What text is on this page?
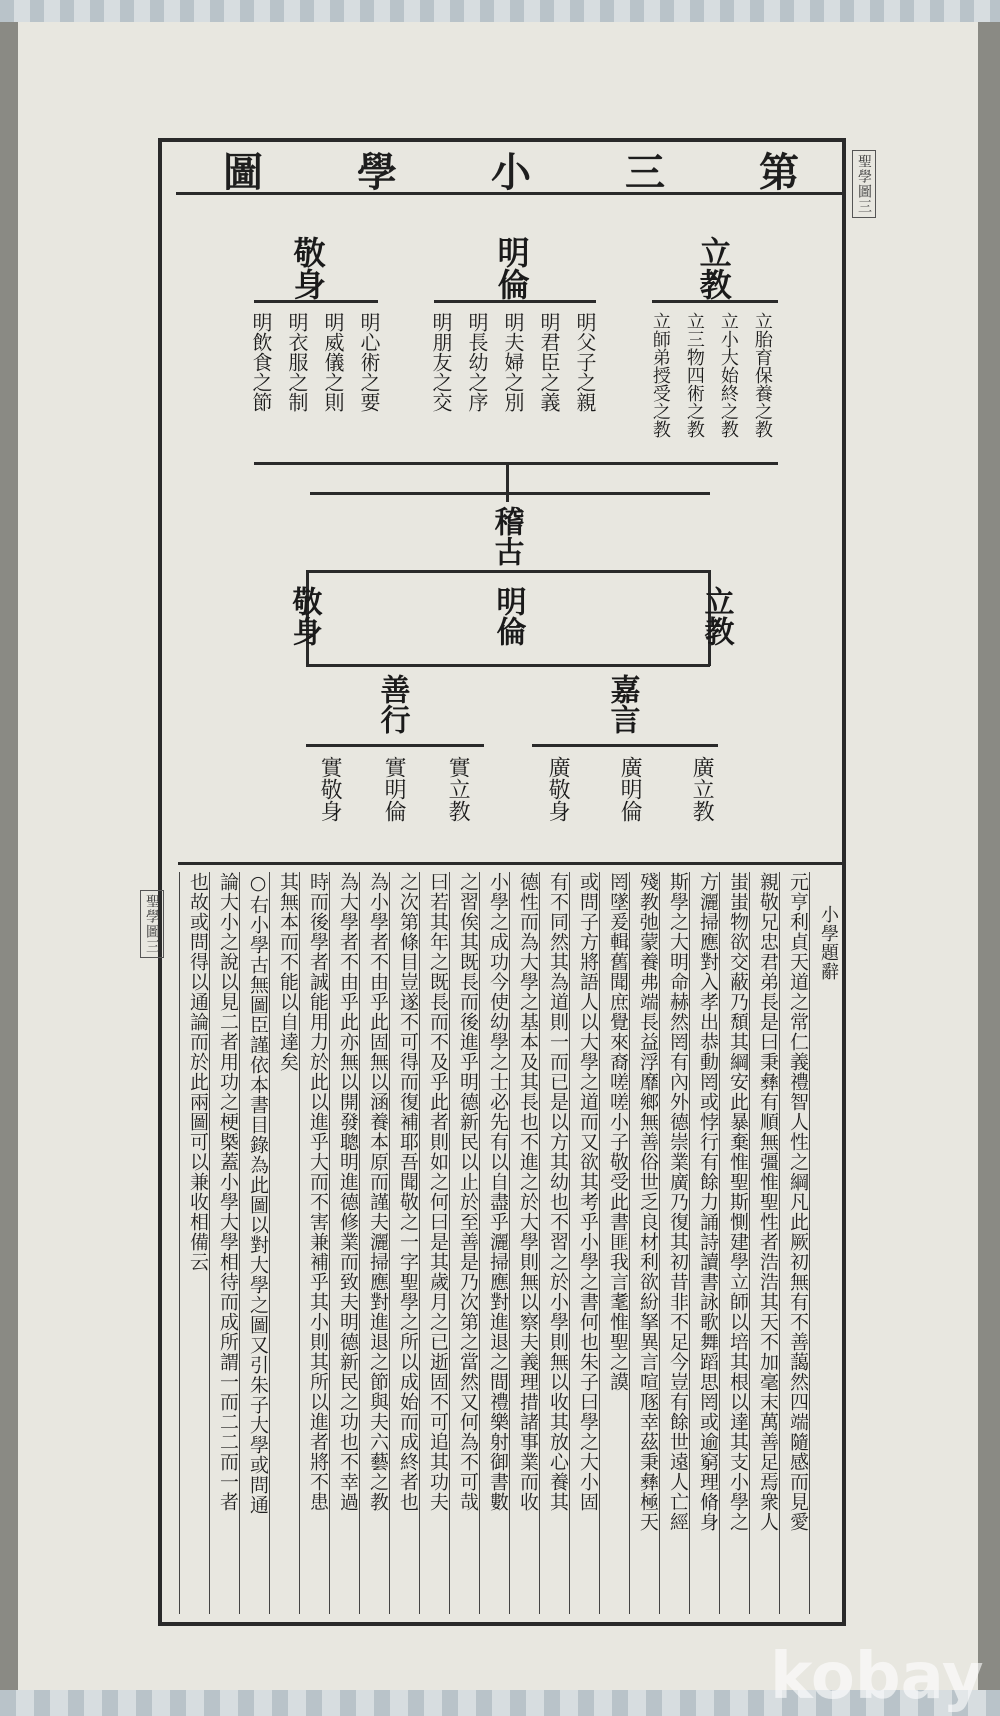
第
三
小
學
圖	聖學圖三
聖學圖三
立教
明倫
敬身
立胎育保養之教
立小大始終之教
立三物四術之教
立師弟授受之教
明父子之親
明君臣之義
明夫婦之別
明長幼之序
明朋友之交
明心術之要
明威儀之則
明衣服之制
明飲食之節
稽古
立教
明倫
敬身
嘉言
善行
廣立教
廣明倫
廣敬身
實立教
實明倫
實敬身
小學題辭
元亨利貞天道之常仁義禮智人性之綱凡此厥初無有不善藹然四端隨感而見愛
親敬兄忠君弟長是曰秉彝有順無彊惟聖性者浩浩其天不加毫末萬善足焉衆人
蚩蚩物欲交蔽乃頹其綱安此暴棄惟聖斯惻建學立師以培其根以達其支小學之
方灑掃應對入孝出恭動罔或悖行有餘力誦詩讀書詠歌舞蹈思罔或逾窮理脩身
斯學之大明命赫然罔有內外德崇業廣乃復其初昔非不足今豈有餘世遠人亡經
殘教弛蒙養弗端長益浮靡鄉無善俗世乏良材利欲紛拏異言喧豗幸茲秉彝極天
罔墜爰輯舊聞庶覺來裔嗟嗟小子敬受此書匪我言耄惟聖之謨
或問子方將語人以大學之道而又欲其考乎小學之書何也朱子曰學之大小固
有不同然其為道則一而已是以方其幼也不習之於小學則無以收其放心養其
德性而為大學之基本及其長也不進之於大學則無以察夫義理措諸事業而收
小學之成功今使幼學之士必先有以自盡乎灑掃應對進退之間禮樂射御書數
之習俟其既長而後進乎明德新民以止於至善是乃次第之當然又何為不可哉
曰若其年之既長而不及乎此者則如之何曰是其歲月之已逝固不可追其功夫
之次第條目豈遂不可得而復補耶吾聞敬之一字聖學之所以成始而成終者也
為小學者不由乎此固無以涵養本原而謹夫灑掃應對進退之節與夫六藝之教
為大學者不由乎此亦無以開發聰明進德修業而致夫明德新民之功也不幸過
時而後學者誠能用力於此以進乎大而不害兼補乎其小則其所以進者將不患
其無本而不能以自達矣
○右小學古無圖臣謹依本書目錄為此圖以對大學之圖又引朱子大學或問通
論大小之說以見二者用功之梗槩蓋小學大學相待而成所謂一而二二而一者
也故或問得以通論而於此兩圖可以兼收相備云
kobay
